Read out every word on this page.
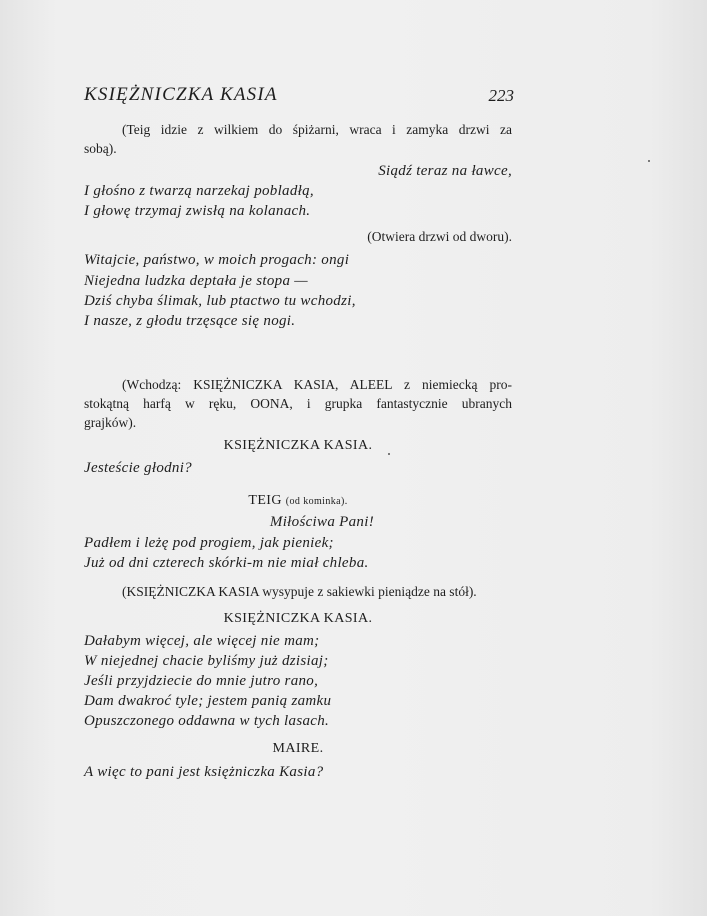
KSIĘŻNICZKA KASIA	223
(Teig idzie z wilkiem do śpiżarni, wraca i zamyka drzwi za
sobą).
Siądź teraz na ławce,
I głośno z twarzą narzekaj pobladłą,
I głowę trzymaj zwisłą na kolanach.
(Otwiera drzwi od dworu).
Witajcie, państwo, w moich progach: ongi
Niejedna ludzka deptała je stopa —
Dziś chyba ślimak, lub ptactwo tu wchodzi,
I nasze, z głodu trzęsące się nogi.
(Wchodzą: KSIĘŻNICZKA KASIA, ALEEL z niemiecką pro-
stokątną harfą w ręku, OONA, i grupka fantastycznie ubranych
grajków).
KSIĘŻNICZKA KASIA.
Jesteście głodni?
TEIG (od kominka).
Miłościwa Pani!
Padłem i leżę pod progiem, jak pieniek;
Już od dni czterech skórki-m nie miał chleba.
(KSIĘŻNICZKA KASIA wysypuje z sakiewki pieniądze na stół).
KSIĘŻNICZKA KASIA.
Dałabym więcej, ale więcej nie mam;
W niejednej chacie byliśmy już dzisiaj;
Jeśli przyjdziecie do mnie jutro rano,
Dam dwakroć tyle; jestem panią zamku
Opuszczonego oddawna w tych lasach.
MAIRE.
A więc to pani jest księżniczka Kasia?
